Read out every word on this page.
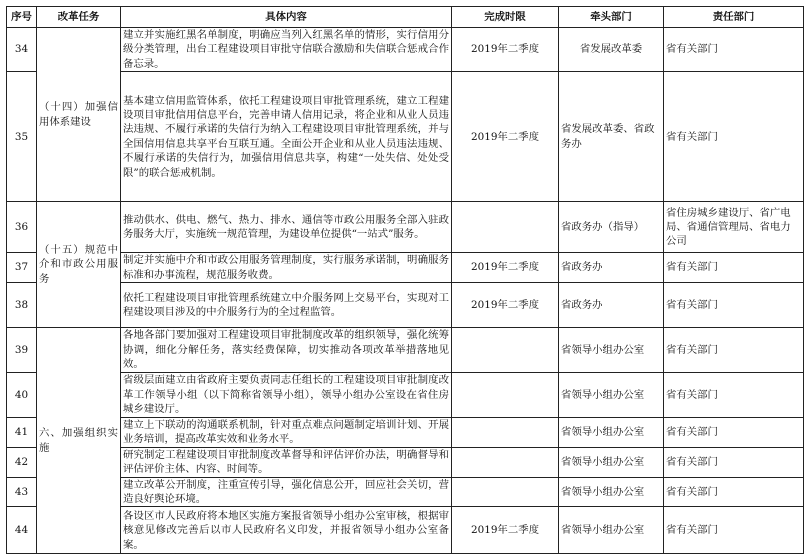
序号	改革任务	具体内容	完成时限	牵头部门	责任部门
34	（十四）加强信用体系建设	建立并实施红黑名单制度，明确应当列入红黑名单的情形，实行信用分级分类管理，出台工程建设项目审批守信联合激励和失信联合惩戒合作备忘录。	2019年二季度	省发展改革委	省有关部门
35		基本建立信用监管体系，依托工程建设项目审批管理系统，建立工程建设项目审批信用信息平台，完善申请人信用记录，将企业和从业人员违法违规、不履行承诺的失信行为纳入工程建设项目审批管理系统，并与全国信用信息共享平台互联互通。全面公开企业和从业人员违法违规、不履行承诺的失信行为，加强信用信息共享，构建“一处失信、处处受限”的联合惩戒机制。	2019年二季度	省发展改革委、省政务办	省有关部门
36	（十五）规范中介和市政公用服务	推动供水、供电、燃气、热力、排水、通信等市政公用服务全部入驻政务服务大厅，实施统一规范管理，为建设单位提供“一站式”服务。		省政务办（指导）	省住房城乡建设厅、省广电局、省通信管理局、省电力公司
37		制定并实施中介和市政公用服务管理制度，实行服务承诺制，明确服务标准和办事流程，规范服务收费。	2019年二季度	省政务办	省有关部门
38		依托工程建设项目审批管理系统建立中介服务网上交易平台，实现对工程建设项目涉及的中介服务行为的全过程监管。	2019年二季度	省政务办	省有关部门
39	六、加强组织实施	各地各部门要加强对工程建设项目审批制度改革的组织领导，强化统筹协调，细化分解任务，落实经费保障，切实推动各项改革举措落地见效。		省领导小组办公室	省有关部门
40		省级层面建立由省政府主要负责同志任组长的工程建设项目审批制度改革工作领导小组（以下简称省领导小组），领导小组办公室设在省住房城乡建设厅。		省领导小组办公室	省有关部门
41		建立上下联动的沟通联系机制，针对重点难点问题制定培训计划、开展业务培训，提高改革实效和业务水平。		省领导小组办公室	省有关部门
42		研究制定工程建设项目审批制度改革督导和评估评价办法，明确督导和评估评价主体、内容、时间等。		省领导小组办公室	省有关部门
43		建立改革公开制度，注重宣传引导，强化信息公开，回应社会关切，营造良好舆论环境。		省领导小组办公室	省有关部门
44		各设区市人民政府将本地区实施方案报省领导小组办公室审核，根据审核意见修改完善后以市人民政府名义印发，并报省领导小组办公室备案。	2019年二季度	省领导小组办公室	省有关部门
